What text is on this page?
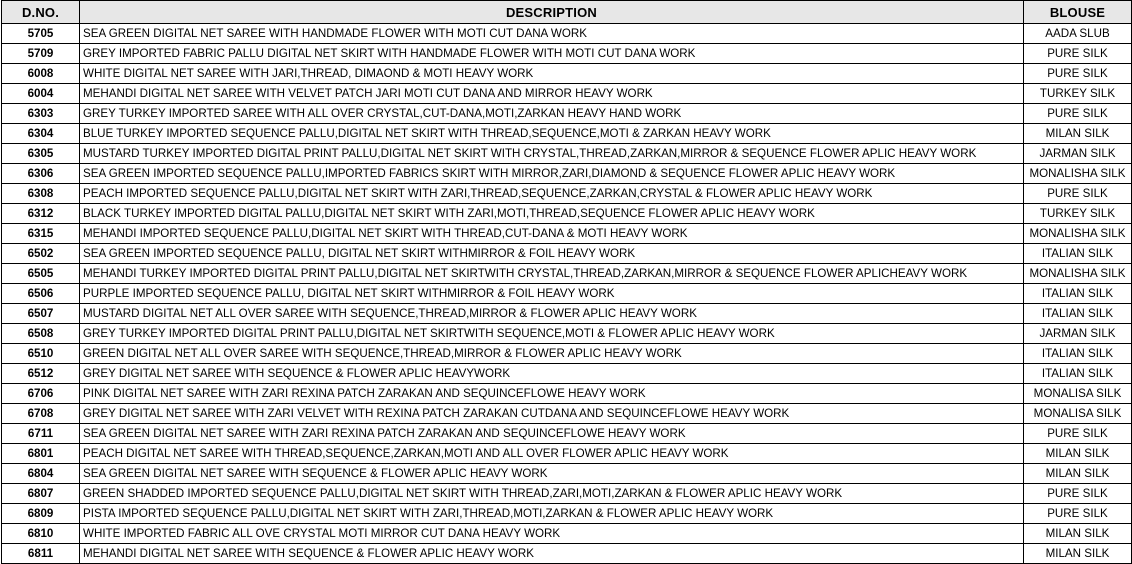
D.NO.	DESCRIPTION	BLOUSE
5705	SEA GREEN DIGITAL NET SAREE WITH HANDMADE FLOWER WITH MOTI CUT DANA WORK	AADA SLUB
5709	GREY IMPORTED FABRIC PALLU DIGITAL NET SKIRT WITH HANDMADE FLOWER WITH MOTI CUT DANA WORK	PURE SILK
6008	WHITE DIGITAL NET SAREE WITH JARI,THREAD, DIMAOND & MOTI HEAVY WORK	PURE SILK
6004	MEHANDI DIGITAL NET SAREE WITH VELVET PATCH JARI MOTI CUT DANA AND MIRROR HEAVY WORK	TURKEY SILK
6303	GREY TURKEY IMPORTED SAREE WITH ALL OVER CRYSTAL,CUT-DANA,MOTI,ZARKAN HEAVY HAND WORK	PURE SILK
6304	BLUE TURKEY IMPORTED SEQUENCE PALLU,DIGITAL NET SKIRT WITH THREAD,SEQUENCE,MOTI & ZARKAN HEAVY WORK	MILAN SILK
6305	MUSTARD TURKEY IMPORTED DIGITAL PRINT PALLU,DIGITAL NET SKIRT WITH CRYSTAL,THREAD,ZARKAN,MIRROR & SEQUENCE FLOWER APLIC HEAVY WORK	JARMAN SILK
6306	SEA GREEN IMPORTED SEQUENCE PALLU,IMPORTED FABRICS SKIRT WITH MIRROR,ZARI,DIAMOND & SEQUENCE FLOWER APLIC HEAVY WORK	MONALISHA SILK
6308	PEACH IMPORTED SEQUENCE PALLU,DIGITAL NET SKIRT WITH ZARI,THREAD,SEQUENCE,ZARKAN,CRYSTAL & FLOWER APLIC HEAVY WORK	PURE SILK
6312	BLACK TURKEY IMPORTED DIGITAL PALLU,DIGITAL NET SKIRT WITH ZARI,MOTI,THREAD,SEQUENCE FLOWER APLIC HEAVY WORK	TURKEY SILK
6315	MEHANDI IMPORTED SEQUENCE PALLU,DIGITAL NET SKIRT WITH THREAD,CUT-DANA & MOTI HEAVY WORK	MONALISHA SILK
6502	SEA GREEN IMPORTED SEQUENCE PALLU, DIGITAL NET SKIRT WITHMIRROR & FOIL HEAVY WORK	ITALIAN SILK
6505	MEHANDI TURKEY IMPORTED DIGITAL PRINT PALLU,DIGITAL NET SKIRTWITH CRYSTAL,THREAD,ZARKAN,MIRROR & SEQUENCE FLOWER APLICHEAVY WORK	MONALISHA SILK
6506	PURPLE IMPORTED SEQUENCE PALLU, DIGITAL NET SKIRT WITHMIRROR & FOIL HEAVY WORK	ITALIAN SILK
6507	MUSTARD DIGITAL NET ALL OVER SAREE WITH SEQUENCE,THREAD,MIRROR & FLOWER APLIC HEAVY WORK	ITALIAN SILK
6508	GREY TURKEY IMPORTED DIGITAL PRINT PALLU,DIGITAL NET SKIRTWITH SEQUENCE,MOTI & FLOWER APLIC HEAVY WORK	JARMAN SILK
6510	GREEN DIGITAL NET ALL OVER SAREE WITH SEQUENCE,THREAD,MIRROR & FLOWER APLIC HEAVY WORK	ITALIAN SILK
6512	GREY DIGITAL NET SAREE WITH SEQUENCE & FLOWER APLIC HEAVYWORK	ITALIAN SILK
6706	PINK DIGITAL NET SAREE WITH ZARI REXINA PATCH ZARAKAN AND SEQUINCEFLOWE HEAVY WORK	MONALISA SILK
6708	GREY DIGITAL NET SAREE WITH ZARI VELVET WITH REXINA PATCH ZARAKAN CUTDANA AND SEQUINCEFLOWE HEAVY WORK	MONALISA SILK
6711	SEA GREEN DIGITAL NET SAREE WITH ZARI REXINA PATCH ZARAKAN AND SEQUINCEFLOWE HEAVY WORK	PURE SILK
6801	PEACH DIGITAL NET SAREE WITH THREAD,SEQUENCE,ZARKAN,MOTI AND ALL OVER FLOWER APLIC HEAVY WORK	MILAN SILK
6804	SEA GREEN DIGITAL NET SAREE WITH SEQUENCE & FLOWER APLIC HEAVY WORK	MILAN SILK
6807	GREEN SHADDED IMPORTED SEQUENCE PALLU,DIGITAL NET SKIRT WITH THREAD,ZARI,MOTI,ZARKAN & FLOWER APLIC HEAVY WORK	PURE SILK
6809	PISTA IMPORTED SEQUENCE PALLU,DIGITAL NET SKIRT WITH ZARI,THREAD,MOTI,ZARKAN & FLOWER APLIC HEAVY WORK	PURE SILK
6810	WHITE IMPORTED FABRIC ALL OVE CRYSTAL MOTI MIRROR CUT DANA HEAVY WORK	MILAN SILK
6811	MEHANDI DIGITAL NET SAREE WITH SEQUENCE & FLOWER APLIC HEAVY WORK	MILAN SILK
